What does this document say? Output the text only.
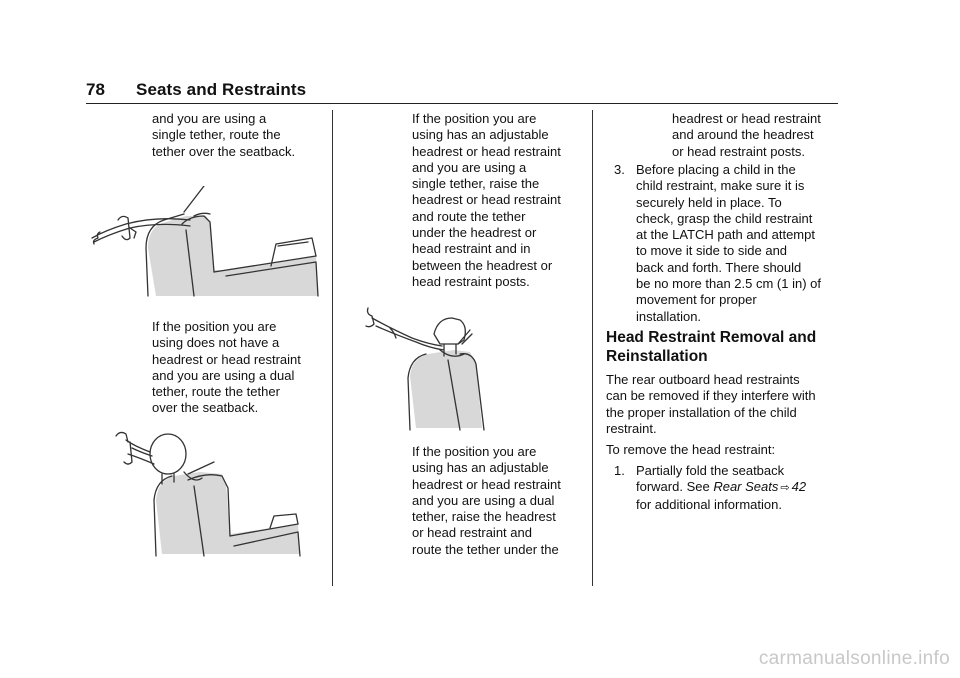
78 Seats and Restraints
and you are using a
single tether, route the
tether over the seatback.
If the position you are
using does not have a
headrest or head restraint
and you are using a dual
tether, route the tether
over the seatback.
If the position you are
using has an adjustable
headrest or head restraint
and you are using a
single tether, raise the
headrest or head restraint
and route the tether
under the headrest or
head restraint and in
between the headrest or
head restraint posts.
If the position you are
using has an adjustable
headrest or head restraint
and you are using a dual
tether, raise the headrest
or head restraint and
route the tether under the
headrest or head restraint
and around the headrest
or head restraint posts.
3. Before placing a child in the
child restraint, make sure it is
securely held in place. To
check, grasp the child restraint
at the LATCH path and attempt
to move it side to side and
back and forth. There should
be no more than 2.5 cm (1 in) of
movement for proper
installation.
Head Restraint Removal and
Reinstallation
The rear outboard head restraints
can be removed if they interfere with
the proper installation of the child
restraint.
To remove the head restraint:
1. Partially fold the seatback
forward. See Rear Seats ⇨ 42
for additional information.
carmanualsonline.info
